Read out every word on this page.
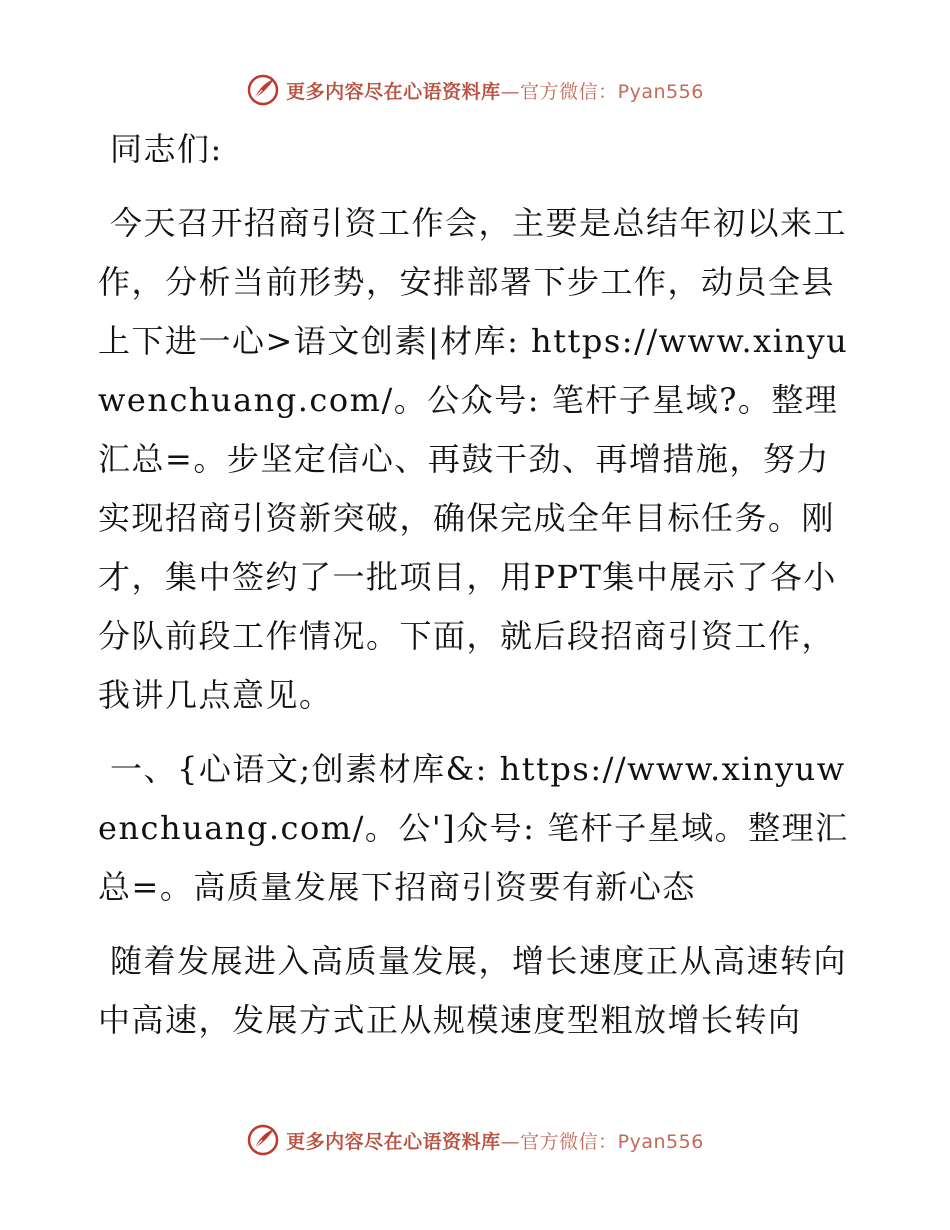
更多内容尽在心语资料库—官方微信：Pyan556

同志们:

今天召开招商引资工作会，主要是总结年初以来工作，分析当前形势，安排部署下步工作，动员全县上下进一心>语文创素|材库: https://www.xinyuwenchuang.com/。公众号: 笔杆子星域?。整理汇总=。步坚定信心、再鼓干劲、再增措施，努力实现招商引资新突破，确保完成全年目标任务。刚才，集中签约了一批项目，用PPT集中展示了各小分队前段工作情况。下面，就后段招商引资工作，我讲几点意见。

一、{心语文;创素材库&: https://www.xinyuwenchuang.com/。公']众号: 笔杆子星域。整理汇总=。高质量发展下招商引资要有新心态

随着发展进入高质量发展，增长速度正从高速转向中高速，发展方式正从规模速度型粗放增长转向

更多内容尽在心语资料库—官方微信：Pyan556
